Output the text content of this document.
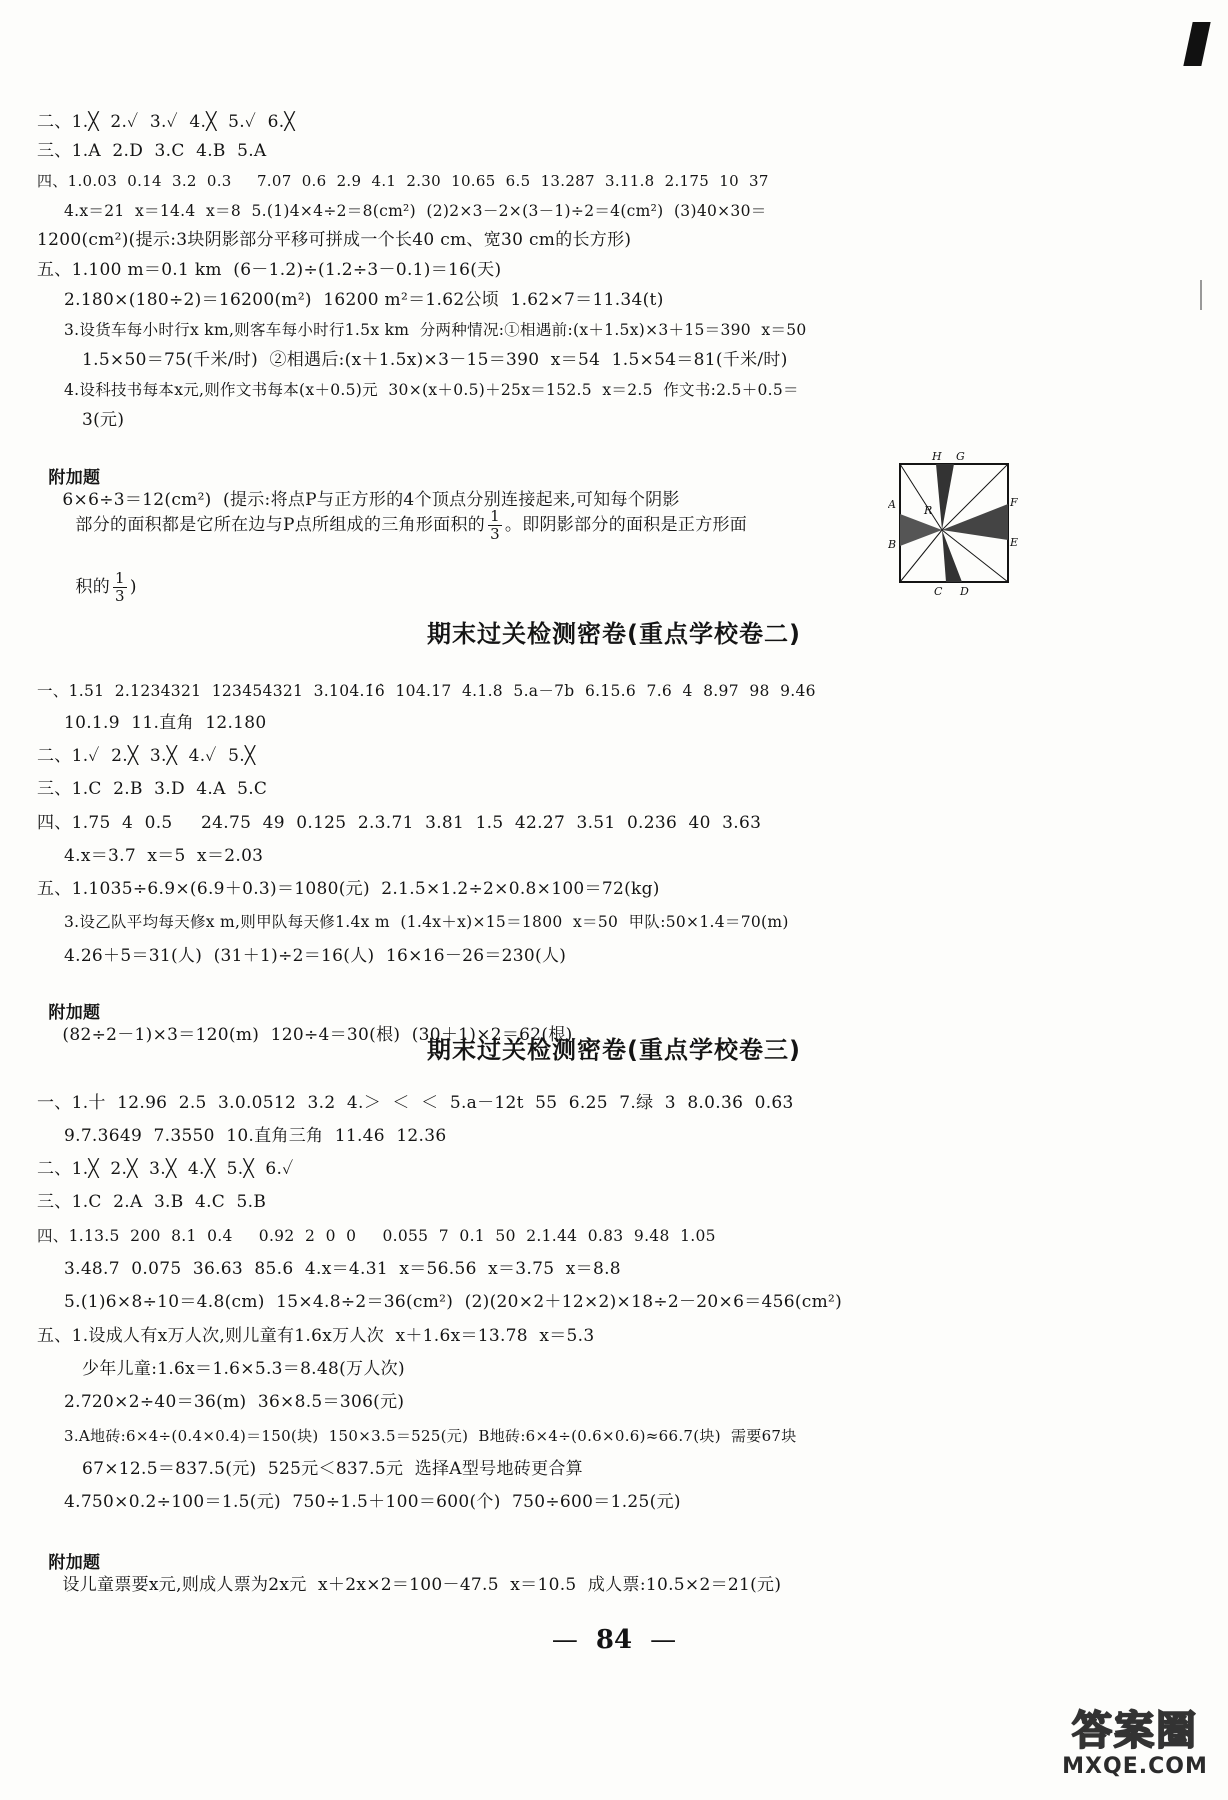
二、1.╳  2.✓  3.✓  4.╳  5.✓  6.╳
三、1.A  2.D  3.C  4.B  5.A
四、1.0.03  0.14  3.2  0.3     7.07  0.6  2.9  4.1  2.30  10.65  6.5  13.287  3.11.8  2.175  10  37
4.x＝21  x＝14.4  x＝8  5.(1)4×4÷2＝8(cm²)  (2)2×3－2×(3－1)÷2＝4(cm²)  (3)40×30＝
1200(cm²)(提示:3块阴影部分平移可拼成一个长40 cm、宽30 cm的长方形)
五、1.100 m＝0.1 km  (6－1.2)÷(1.2÷3－0.1)＝16(天)
2.180×(180÷2)＝16200(m²)  16200 m²＝1.62公顷  1.62×7＝11.34(t)
3.设货车每小时行x km,则客车每小时行1.5x km  分两种情况:①相遇前:(x＋1.5x)×3＋15＝390  x＝50
1.5×50＝75(千米/时)  ②相遇后:(x＋1.5x)×3－15＝390  x＝54  1.5×54＝81(千米/时)
4.设科技书每本x元,则作文书每本(x＋0.5)元  30×(x＋0.5)＋25x＝152.5  x＝2.5  作文书:2.5＋0.5＝
3(元)

附加题
6×6÷3＝12(cm²)  (提示:将点P与正方形的4个顶点分别连接起来,可知每个阴影

部分的面积都是它所在边与P点所组成的三角形面积的 $\frac{1}{3}$ 。即阴影部分的面积是正方形面

积的 $\frac{1}{3}$ )

H G
A	F
R
B	E
C D
期末过关检测密卷(重点学校卷二)
一、1.51  2.1234321  123454321  3.104.1̇6̇  104.17  4.1.8  5.a－7b  6.15.6  7.6  4  8.97  98  9.46
10.1.9  11.直角  12.180
二、1.✓  2.╳  3.╳  4.✓  5.╳
三、1.C  2.B  3.D  4.A  5.C
四、1.75  4  0.5     24.75  49  0.125  2.3.71  3.81  1.5  42.2̇7̇  3.51  0.236  40  3.63
4.x＝3.7  x＝5  x＝2.03
五、1.1035÷6.9×(6.9＋0.3)＝1080(元)  2.1.5×1.2÷2×0.8×100＝72(kg)
3.设乙队平均每天修x m,则甲队每天修1.4x m  (1.4x＋x)×15＝1800  x＝50  甲队:50×1.4＝70(m)
4.26＋5＝31(人)  (31＋1)÷2＝16(人)  16×16－26＝230(人)

附加题
(82÷2－1)×3＝120(m)  120÷4＝30(根)  (30＋1)×2＝62(根)

期末过关检测密卷(重点学校卷三)
一、1.十  12.96  2.5  3.0.0512  3.2  4.＞  ＜  ＜  5.a－12t  55  6.25  7.绿  3  8.0.3̇6̇  0.6̇3̇
9.7.3649  7.3550  10.直角三角  11.46  12.36
二、1.╳  2.╳  3.╳  4.╳  5.╳  6.✓
三、1.C  2.A  3.B  4.C  5.B
四、1.13.5  200  8.1  0.4     0.92  2  0  0     0.055  7  0.1  50  2.1.44  0.83  9.48  1.05
3.48.7  0.075  36.63  85.6  4.x＝4.31  x＝56.56  x＝3.75  x＝8.8
5.(1)6×8÷10＝4.8(cm)  15×4.8÷2＝36(cm²)  (2)(20×2＋12×2)×18÷2－20×6＝456(cm²)
五、1.设成人有x万人次,则儿童有1.6x万人次  x＋1.6x＝13.78  x＝5.3
少年儿童:1.6x＝1.6×5.3＝8.48(万人次)
2.720×2÷40＝36(m)  36×8.5＝306(元)
3.A地砖:6×4÷(0.4×0.4)＝150(块)  150×3.5＝525(元)  B地砖:6×4÷(0.6×0.6)≈66.7(块)  需要67块
67×12.5＝837.5(元)  525元＜837.5元  选择A型号地砖更合算
4.750×0.2÷100＝1.5(元)  750÷1.5＋100＝600(个)  750÷600＝1.25(元)

附加题
设儿童票要x元,则成人票为2x元  x＋2x×2＝100－47.5  x＝10.5  成人票:10.5×2＝21(元)

— 84 —
答案圈
MXQE.COM
